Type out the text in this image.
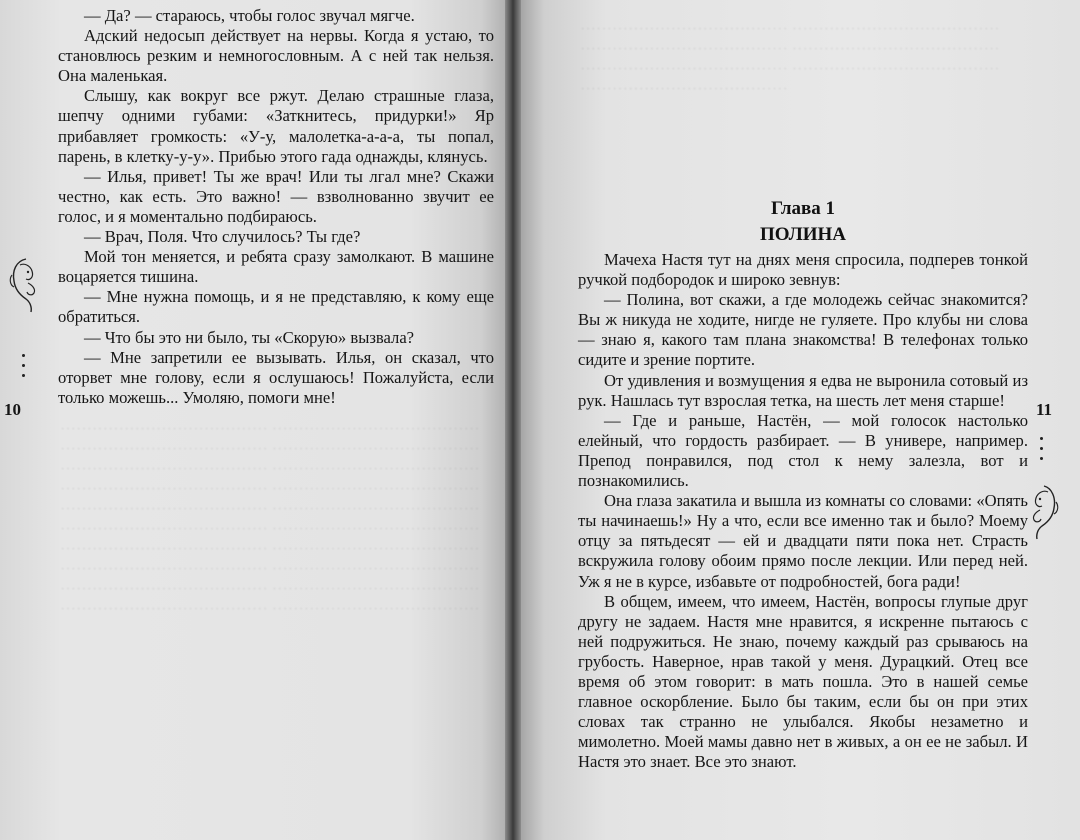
······································· ······································· ······································· ······································· ······································· ······································· ······································· ······································· ······································· ······································· ······································· ······································· ······································· ······································· ······································· ······································· ······································· ······································· ······································· ·······································

— Да? — стараюсь, чтобы голос звучал мягче.

Адский недосып действует на нервы. Когда я устаю, то становлюсь резким и немногословным. А с ней так нельзя. Она маленькая.

Слышу, как вокруг все ржут. Делаю страшные глаза, шепчу одними губами: «Заткнитесь, придурки!» Яр прибавляет громкость: «У-у, малолетка-а-а-а, ты попал, парень, в клетку-у-у». Прибью этого гада однажды, клянусь.

— Илья, привет! Ты же врач! Или ты лгал мне? Скажи честно, как есть. Это важно! — взволнованно звучит ее голос, и я моментально подбираюсь.

— Врач, Поля. Что случилось? Ты где?

Мой тон меняется, и ребята сразу замолкают. В машине воцаряется тишина.

— Мне нужна помощь, и я не представляю, к кому еще обратиться.

— Что бы это ни было, ты «Скорую» вызвала?

— Мне запретили ее вызывать. Илья, он сказал, что оторвет мне голову, если я ослушаюсь! Пожалуйста, если только можешь... Умоляю, помоги мне!

10
······································· ······································· ······································· ······································· ······································· ······································· ·······································
Глава 1
ПОЛИНА

Мачеха Настя тут на днях меня спросила, подперев тонкой ручкой подбородок и широко зевнув:

— Полина, вот скажи, а где молодежь сейчас знакомится? Вы ж никуда не ходите, нигде не гуляете. Про клубы ни слова — знаю я, какого там плана знакомства! В телефонах только сидите и зрение портите.

От удивления и возмущения я едва не выронила сотовый из рук. Нашлась тут взрослая тетка, на шесть лет меня старше!

— Где и раньше, Настён, — мой голосок настолько елейный, что гордость разбирает. — В универе, например. Препод понравился, под стол к нему залезла, вот и познакомились.

Она глаза закатила и вышла из комнаты со словами: «Опять ты начинаешь!» Ну а что, если все именно так и было? Моему отцу за пятьдесят — ей и двадцати пяти пока нет. Страсть вскружила голову обоим прямо после лекции. Или перед ней. Уж я не в курсе, избавьте от подробностей, бога ради!

В общем, имеем, что имеем, Настён, вопросы глупые друг другу не задаем. Настя мне нравится, я искренне пытаюсь с ней подружиться. Не знаю, почему каждый раз срываюсь на грубость. Наверное, нрав такой у меня. Дурацкий. Отец все время об этом говорит: в мать пошла. Это в нашей семье главное оскорбление. Было бы таким, если бы он при этих словах так странно не улыбался. Якобы незаметно и мимолетно. Моей мамы давно нет в живых, а он ее не забыл. И Настя это знает. Все это знают.

11
